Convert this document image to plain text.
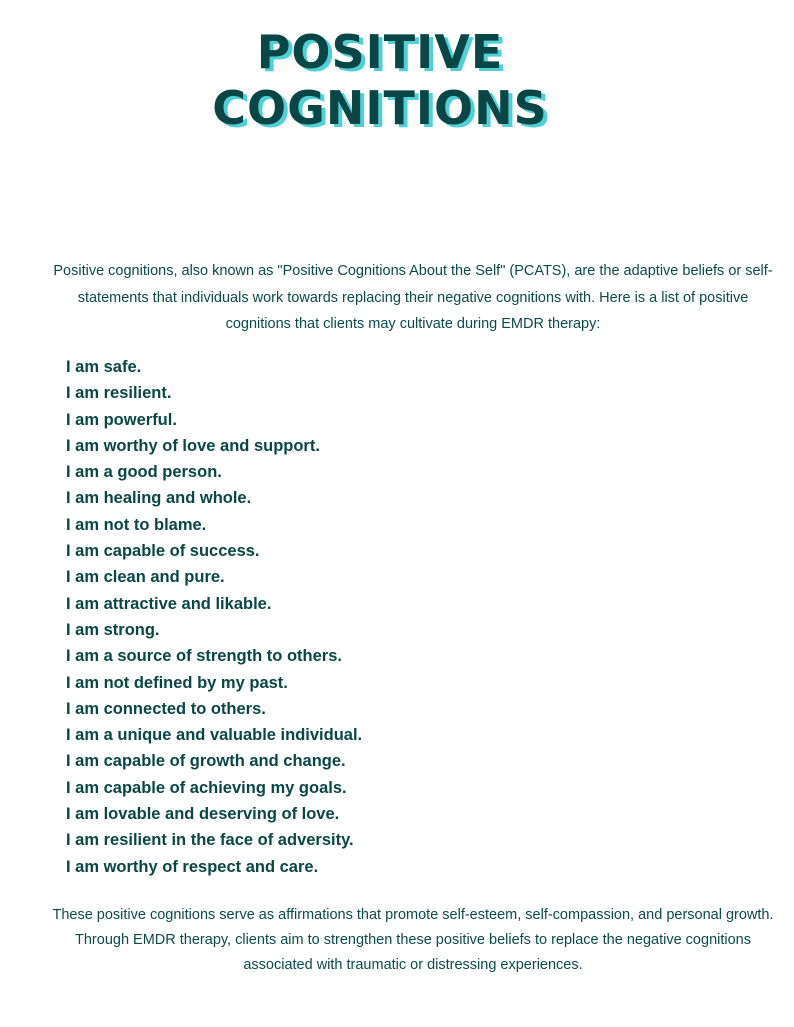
POSITIVE
COGNITIONS

Positive cognitions, also known as "Positive Cognitions About the Self" (PCATS), are the adaptive beliefs or self-statements that individuals work towards replacing their negative cognitions with. Here is a list of positive cognitions that clients may cultivate during EMDR therapy:

I am safe.
I am resilient.
I am powerful.
I am worthy of love and support.
I am a good person.
I am healing and whole.
I am not to blame.
I am capable of success.
I am clean and pure.
I am attractive and likable.
I am strong.
I am a source of strength to others.
I am not defined by my past.
I am connected to others.
I am a unique and valuable individual.
I am capable of growth and change.
I am capable of achieving my goals.
I am lovable and deserving of love.
I am resilient in the face of adversity.
I am worthy of respect and care.

These positive cognitions serve as affirmations that promote self-esteem, self-compassion, and personal growth. Through EMDR therapy, clients aim to strengthen these positive beliefs to replace the negative cognitions associated with traumatic or distressing experiences.
